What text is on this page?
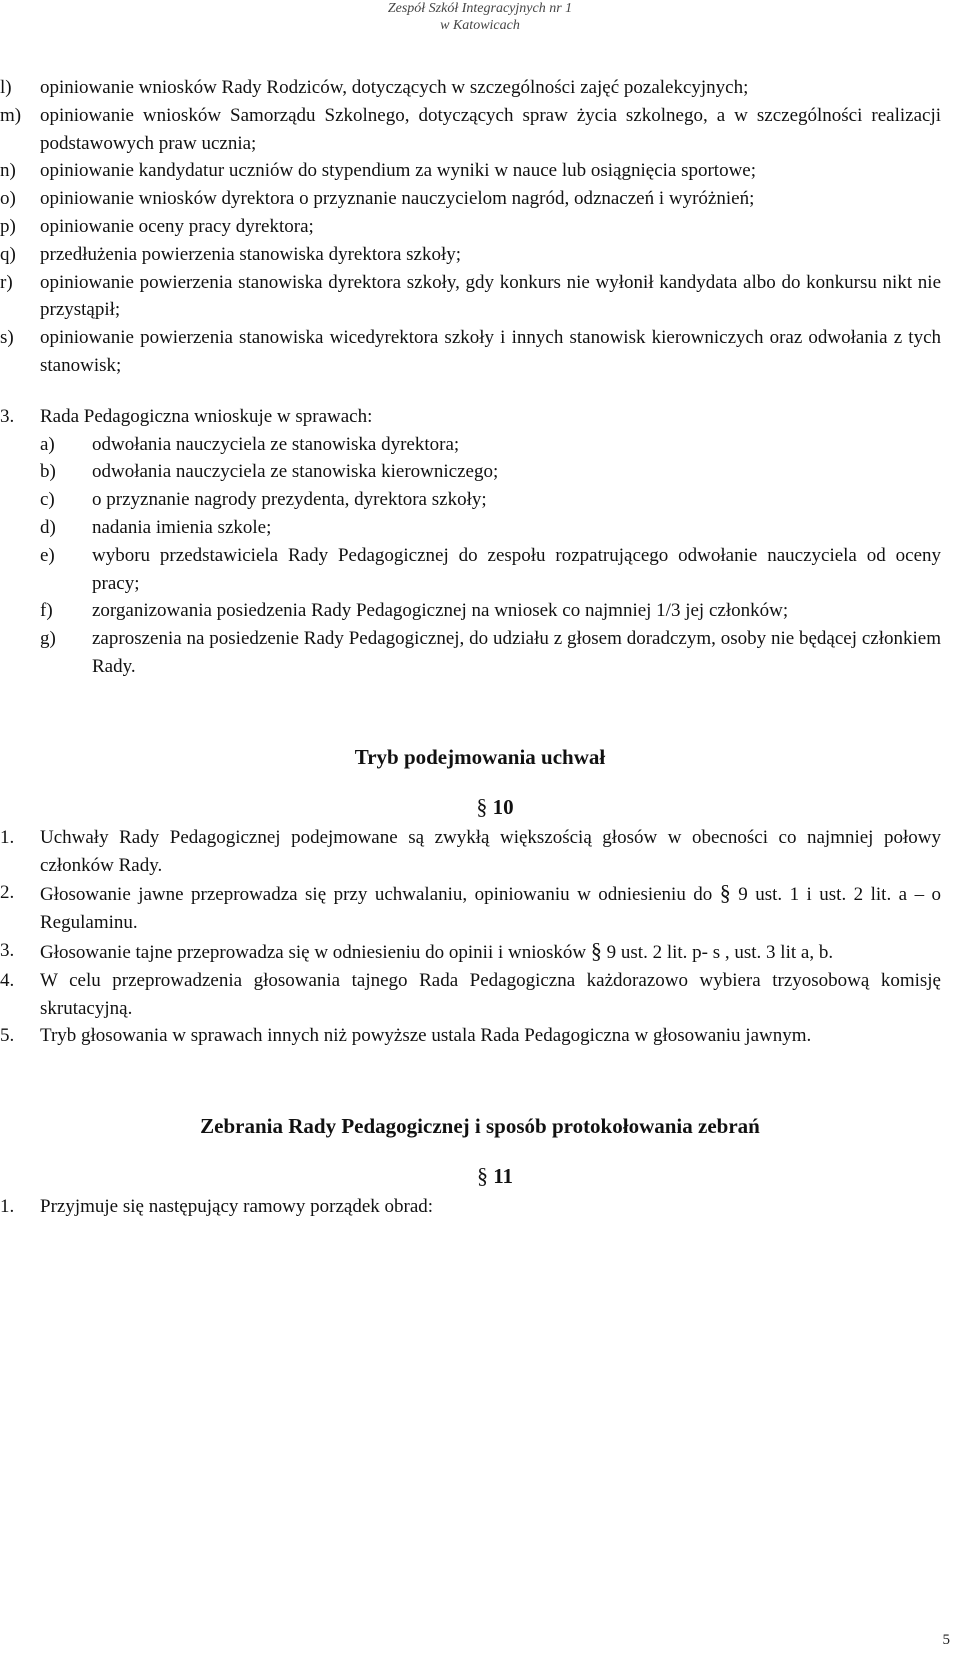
Zespół Szkół Integracyjnych nr 1
w Katowicach

l) opiniowanie wniosków Rady Rodziców, dotyczących w szczególności zajęć pozalekcyjnych;

m) opiniowanie wniosków Samorządu Szkolnego, dotyczących spraw życia szkolnego, a w szczególności realizacji podstawowych praw ucznia;

n) opiniowanie kandydatur uczniów do stypendium za wyniki w nauce lub osiągnięcia sportowe;

o) opiniowanie wniosków dyrektora o przyznanie nauczycielom nagród, odznaczeń i wyróżnień;

p) opiniowanie oceny pracy dyrektora;

q) przedłużenia powierzenia stanowiska dyrektora szkoły;

r) opiniowanie powierzenia stanowiska dyrektora szkoły, gdy konkurs nie wyłonił kandydata albo do konkursu nikt nie przystąpił;

s) opiniowanie powierzenia stanowiska wicedyrektora szkoły i innych stanowisk kierowniczych oraz odwołania z tych stanowisk;

3. Rada Pedagogiczna wnioskuje w sprawach:

a) odwołania nauczyciela ze stanowiska dyrektora;

b) odwołania nauczyciela ze stanowiska kierowniczego;

c) o przyznanie nagrody prezydenta, dyrektora szkoły;

d) nadania imienia szkole;

e) wyboru przedstawiciela Rady Pedagogicznej do zespołu rozpatrującego odwołanie nauczyciela od oceny pracy;

f) zorganizowania posiedzenia Rady Pedagogicznej na wniosek co najmniej 1/3 jej członków;

g) zaproszenia na posiedzenie Rady Pedagogicznej, do udziału z głosem doradczym, osoby nie będącej członkiem Rady.

Tryb podejmowania uchwał

§ 10

1. Uchwały Rady Pedagogicznej podejmowane są zwykłą większością głosów w obecności co najmniej połowy członków Rady.

2. Głosowanie jawne przeprowadza się przy uchwalaniu, opiniowaniu w odniesieniu do § 9 ust. 1 i ust. 2 lit. a – o Regulaminu.

3. Głosowanie tajne przeprowadza się w odniesieniu do opinii i wniosków § 9 ust. 2 lit. p- s , ust. 3 lit a, b.

4. W celu przeprowadzenia głosowania tajnego Rada Pedagogiczna każdorazowo wybiera trzyosobową komisję skrutacyjną.

5. Tryb głosowania w sprawach innych niż powyższe ustala Rada Pedagogiczna w głosowaniu jawnym.

Zebrania Rady Pedagogicznej i sposób protokołowania zebrań

§ 11

1. Przyjmuje się następujący ramowy porządek obrad:

5
